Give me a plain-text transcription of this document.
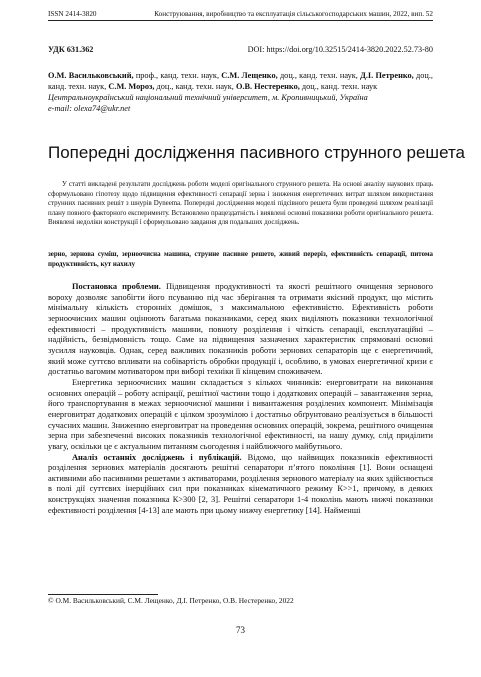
ISSN 2414-3820	Конструювання, виробництво та експлуатація сільськогосподарських машин, 2022, вип. 52
УДК 631.362	DOI: https://doi.org/10.32515/2414-3820.2022.52.73-80
О.М. Васильковський, проф., канд. техн. наук, С.М. Лещенко, доц., канд. техн. наук, Д.І. Петренко, доц., канд. техн. наук, С.М. Мороз, доц., канд. техн. наук, О.В. Нестеренко, доц., канд. техн. наук
Центральноукраїнський національний технічний університет, м. Кропивницький, Україна
e-mail: olexa74@ukr.net
Попередні дослідження пасивного струнного решета
У статті викладені результати досліджень роботи моделі оригінального струнного решета. На основі аналізу наукових праць сформульовано гіпотезу щодо підвищення ефективності сепарації зерна і зниження енергетичних витрат шляхом використання струнних пасивних решіт з шнурів Dyneema. Попередні дослідження моделі підсівного решета були проведені шляхом реалізації плану повного факторного експерименту. Встановлено працездатність і виявлені основні показники роботи оригінального решета. Виявлені недоліки конструкції і сформульовано завдання для подальших досліджень.
зерно, зернова суміш, зерноочисна машина, струнне пасивне решето, живий переріз, ефективність сепарації, питома продуктивність, кут нахилу

Постановка проблеми. Підвищення продуктивності та якості решітного очищення зернового вороху дозволяє запобігти його псуванню під час зберігання та отримати якісний продукт, що містить мінімальну кількість сторонніх домішок, з максимальною ефективністю. Ефективність роботи зерноочисних машин оцінюють багатьма показниками, серед яких виділяють показники технологічної ефективності – продуктивність машини, повноту розділення і чіткість сепарації, експлуатаційні – надійність, безвідмовність тощо. Саме на підвищення зазначених характеристик спрямовані основні зусилля науковців. Однак, серед важливих показників роботи зернових сепараторів ще є енергетичний, який може суттєво впливати на собівартість обробки продукції і, особливо, в умовах енергетичної кризи є достатньо вагомим мотиватором при виборі техніки її кінцевим споживачем.

Енергетика зерноочисних машин складається з кількох чинників: енерговитрати на виконання основних операцій – роботу аспірації, решітної частини тощо і додаткових операцій – завантаження зерна, його транспортування в межах зерноочисної машини і вивантаження розділених компонент. Мінімізація енерговитрат додаткових операцій є цілком зрозумілою і достатньо обґрунтовано реалізується в більшості сучасних машин. Зниженню енерговитрат на проведення основних операцій, зокрема, решітного очищення зерна при забезпеченні високих показників технологічної ефективності, на нашу думку, слід приділити увагу, оскільки це є актуальним питанням сьогодення і найближчого майбутнього.

Аналіз останніх досліджень і публікацій. Відомо, що найвищих показників ефективності розділення зернових матеріалів досягають решітні сепаратори п’ятого покоління [1]. Вони оснащені активними або пасивними решетами з активаторами, розділення зернового матеріалу на яких здійснюється в полі дії суттєвих інерційних сил при показниках кінематичного режиму К>>1, причому, в деяких конструкціях значення показника К>300 [2, 3]. Решітні сепаратори 1-4 поколінь мають нижчі показники ефективності розділення [4-13] але мають при цьому нижчу енергетику [14]. Найменші

© О.М. Васильковський, С.М. Лещенко, Д.І. Петренко, О.В. Нестеренко, 2022
73
